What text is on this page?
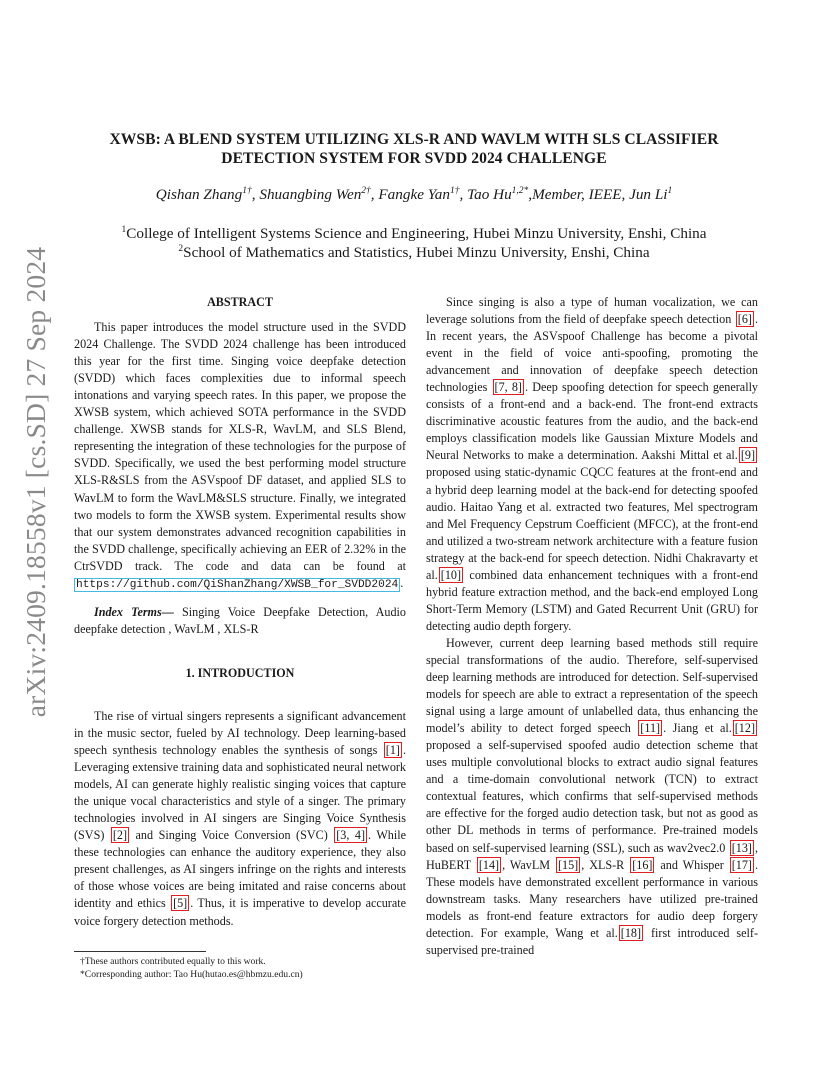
arXiv:2409.18558v1 [cs.SD] 27 Sep 2024
XWSB: A BLEND SYSTEM UTILIZING XLS-R AND WAVLM WITH SLS CLASSIFIER
DETECTION SYSTEM FOR SVDD 2024 CHALLENGE
Qishan Zhang$^{1\dagger}$, Shuangbing Wen$^{2\dagger}$, Fangke Yan$^{1\dagger}$, Tao $Hu^{1,2*},Member$, IEEE, Jun Li$^1$
$^1$College of Intelligent Systems Science and Engineering, Hubei Minzu University, Enshi, China
$^2$School of Mathematics and Statistics, Hubei Minzu University, Enshi, China
ABSTRACT

This paper introduces the model structure used in the SVDD 2024 Challenge. The SVDD 2024 challenge has been introduced this year for the first time. Singing voice deepfake detection (SVDD) which faces complexities due to informal speech intonations and varying speech rates. In this paper, we propose the XWSB system, which achieved SOTA performance in the SVDD challenge. XWSB stands for XLS-R, WavLM, and SLS Blend, representing the integration of these technologies for the purpose of SVDD. Specifically, we used the best performing model structure XLS-R&SLS from the ASVspoof DF dataset, and applied SLS to WavLM to form the WavLM&SLS structure. Finally, we integrated two models to form the XWSB system. Experimental results show that our system demonstrates advanced recognition capabilities in the SVDD challenge, specifically achieving an EER of 2.32% in the CtrSVDD track. The code and data can be found at https://github.com/QiShanZhang/XWSB_for_SVDD2024 .

Index Terms— Singing Voice Deepfake Detection, Audio deepfake detection , WavLM , XLS-R

1. INTRODUCTION

The rise of virtual singers represents a significant advancement in the music sector, fueled by AI technology. Deep learning-based speech synthesis technology enables the synthesis of songs [1] . Leveraging extensive training data and sophisticated neural network models, AI can generate highly realistic singing voices that capture the unique vocal characteristics and style of a singer. The primary technologies involved in AI singers are Singing Voice Synthesis (SVS) [2] and Singing Voice Conversion (SVC) [3, 4] . While these technologies can enhance the auditory experience, they also present challenges, as AI singers infringe on the rights and interests of those whose voices are being imitated and raise concerns about identity and ethics [5] . Thus, it is imperative to develop accurate voice forgery detection methods.

Since singing is also a type of human vocalization, we can leverage solutions from the field of deepfake speech detection [6] . In recent years, the ASVspoof Challenge has become a pivotal event in the field of voice anti-spoofing, promoting the advancement and innovation of deepfake speech detection technologies [7, 8] . Deep spoofing detection for speech generally consists of a front-end and a back-end. The front-end extracts discriminative acoustic features from the audio, and the back-end employs classification models like Gaussian Mixture Models and Neural Networks to make a determination. Aakshi Mittal et al. [9] proposed using static-dynamic CQCC features at the front-end and a hybrid deep learning model at the back-end for detecting spoofed audio. Haitao Yang et al. extracted two features, Mel spectrogram and Mel Frequency Cepstrum Coefficient (MFCC), at the front-end and utilized a two-stream network architecture with a feature fusion strategy at the back-end for speech detection. Nidhi Chakravarty et al. [10] combined data enhancement techniques with a front-end hybrid feature extraction method, and the back-end employed Long Short-Term Memory (LSTM) and Gated Recurrent Unit (GRU) for detecting audio depth forgery.

However, current deep learning based methods still require special transformations of the audio. Therefore, self-supervised deep learning methods are introduced for detection. Self-supervised models for speech are able to extract a representation of the speech signal using a large amount of unlabelled data, thus enhancing the model’s ability to detect forged speech [11] . Jiang et al. [12] proposed a self-supervised spoofed audio detection scheme that uses multiple convolutional blocks to extract audio signal features and a time-domain convolutional network (TCN) to extract contextual features, which confirms that self-supervised methods are effective for the forged audio detection task, but not as good as other DL methods in terms of performance. Pre-trained models based on self-supervised learning (SSL), such as wav2vec2.0 [13] , HuBERT [14] , WavLM [15] , XLS-R [16] and Whisper [17] . These models have demonstrated excellent performance in various downstream tasks. Many researchers have utilized pre-trained models as front-end feature extractors for audio deep forgery detection. For example, Wang et al. [18] first introduced self-supervised pre-trained

†These authors contributed equally to this work.
*Corresponding author: Tao Hu(hutao.es@hbmzu.edu.cn)
